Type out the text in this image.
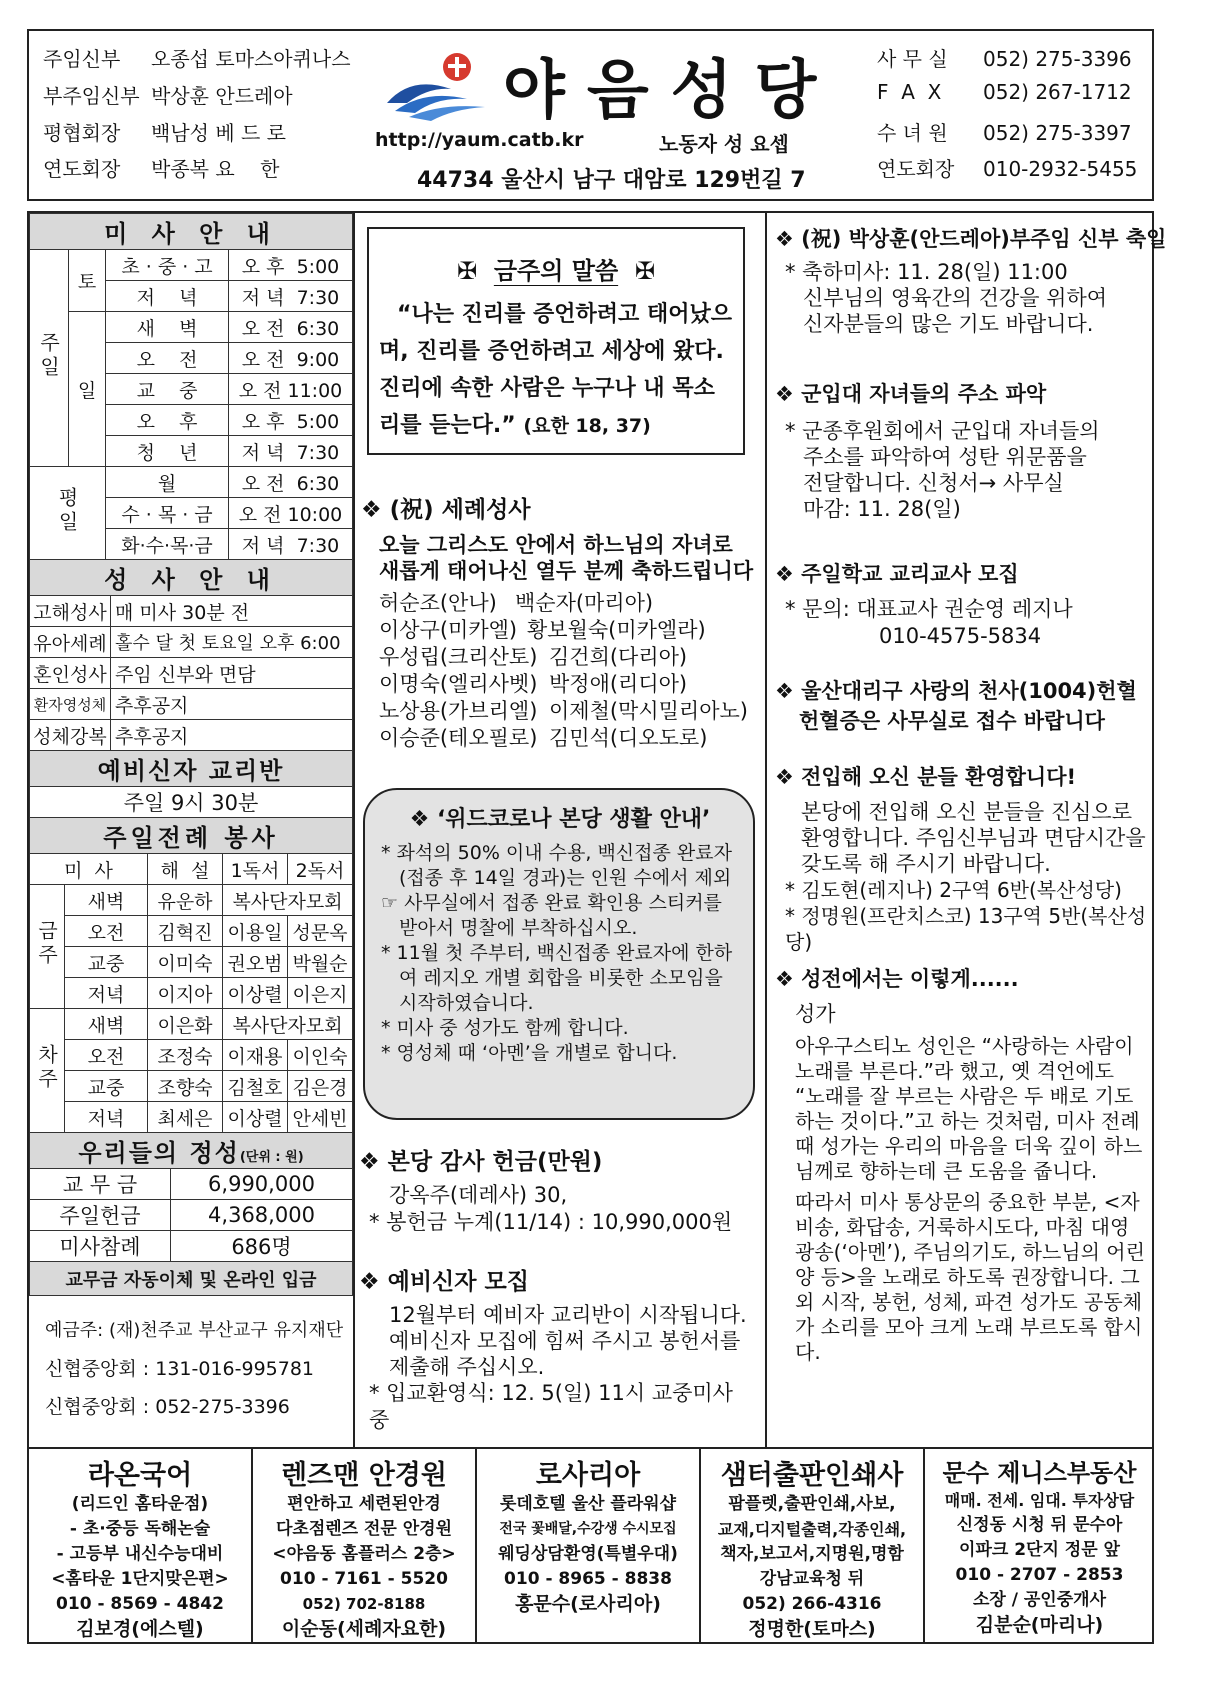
주임신부 오종섭 토마스아퀴나스
부주임신부 박상훈 안드레아
평협회장 백남성 베 드 로
연도회장 박종복 요    한
야음성당
http://yaum.catb.kr	노동자 성 요셉
44734 울산시 남구 대암로 129번길 7
사 무 실 052) 275-3396
F  A  X 052) 267-1712
수 녀 원 052) 275-3397
연도회장 010-2932-5455
미 사 안 내			
주일	토	초 · 중 · 고	오 후  5:00
		저    녁	저 녁  7:30
	일	새    벽	오 전  6:30
		오    전	오 전  9:00
		교    중	오 전 11:00
		오    후	오 후  5:00
		청    년	저 녁  7:30
평일		월	오 전  6:30
		수 · 목 · 금	오 전 10:00
		화·수·목·금	저 녁  7:30
성 사 안 내	
고해성사	매 미사 30분 전
유아세례	홀수 달 첫 토요일 오후 6:00
혼인성사	주임 신부와 면담
환자영성체	추후공지
성체강복	추후공지
예비신자 교리반	
주일 9시 30분	
주일전례 봉사				
미  사		해  설	1독서	2독서
금주	새벽	유운하	복사단자모회	
	오전	김혁진	이용일	성문옥
	교중	이미숙	권오범	박월순
	저녁	이지아	이상렬	이은지
차주	새벽	이은화	복사단자모회	
	오전	조정숙	이재용	이인숙
	교중	조향숙	김철호	김은경
	저녁	최세은	이상렬	안세빈
우리들의 정성(단위 : 원)	
교 무 금	6,990,000
주일헌금	4,368,000
미사참례	686명
교무금 자동이체 및 온라인 입금	
예금주: (재)천주교 부산교구 유지재단
신협중앙회 : 131-016-995781
신협중앙회 : 052-275-3396
✠  금주의 말씀  ✠
“나는 진리를 증언하려고 태어났으며, 진리를 증언하려고 세상에 왔다. 진리에 속한 사람은 누구나 내 목소리를 듣는다.” (요한 18, 37)
❖ (祝) 세례성사
오늘 그리스도 안에서 하느님의 자녀로 새롭게 태어나신 열두 분께 축하드립니다
허순조(안나) 백순자(마리아)
이상구(미카엘) 황보월숙(미카엘라)
우성립(크리산토) 김건희(다리아)
이명숙(엘리사벳) 박정애(리디아)
노상용(가브리엘) 이제철(막시밀리아노)
이승준(테오필로) 김민석(디오도로)
❖ ‘위드코로나 본당 생활 안내’
* 좌석의 50% 이내 수용, 백신접종 완료자(접종 후 14일 경과)는 인원 수에서 제외
☞ 사무실에서 접종 완료 확인용 스티커를 받아서 명찰에 부착하십시오.
* 11월 첫 주부터, 백신접종 완료자에 한하여 레지오 개별 회합을 비롯한 소모임을 시작하였습니다.
* 미사 중 성가도 함께 합니다.
* 영성체 때 ‘아멘’을 개별로 합니다.
❖ 본당 감사 헌금(만원)
강옥주(데레사) 30,
* 봉헌금 누계(11/14) : 10,990,000원
❖ 예비신자 모집
12월부터 예비자 교리반이 시작됩니다. 예비신자 모집에 힘써 주시고 봉헌서를 제출해 주십시오.
* 입교환영식: 12. 5(일) 11시 교중미사 중
❖ (祝) 박상훈(안드레아)부주임 신부 축일
* 축하미사: 11. 28(일) 11:00
신부님의 영육간의 건강을 위하여
신자분들의 많은 기도 바랍니다.
❖ 군입대 자녀들의 주소 파악
* 군종후원회에서 군입대 자녀들의
주소를 파악하여 성탄 위문품을
전달합니다. 신청서→ 사무실
마감: 11. 28(일)
❖ 주일학교 교리교사 모집
* 문의: 대표교사 권순영 레지나
010-4575-5834
❖ 울산대리구 사랑의 천사(1004)헌혈
헌혈증은 사무실로 접수 바랍니다
❖ 전입해 오신 분들 환영합니다!
본당에 전입해 오신 분들을 진심으로 환영합니다. 주임신부님과 면담시간을 갖도록 해 주시기 바랍니다.
* 김도현(레지나) 2구역 6반(복산성당)
* 정명원(프란치스코) 13구역 5반(복산성당)
❖ 성전에서는 이렇게......
성가
아우구스티노 성인은 “사랑하는 사람이 노래를 부른다.”라 했고, 옛 격언에도 “노래를 잘 부르는 사람은 두 배로 기도하는 것이다.”고 하는 것처럼, 미사 전례 때 성가는 우리의 마음을 더욱 깊이 하느님께로 향하는데 큰 도움을 줍니다.
따라서 미사 통상문의 중요한 부분, <자비송, 화답송, 거룩하시도다, 마침 대영광송(‘아멘’), 주님의기도, 하느님의 어린양 등>을 노래로 하도록 권장합니다. 그 외 시작, 봉헌, 성체, 파견 성가도 공동체가 소리를 모아 크게 노래 부르도록 합시다.
라온국어
(리드인 홈타운점)
- 초·중등 독해논술
- 고등부 내신수능대비
<홈타운 1단지맞은편>
010 - 8569 - 4842
김보경(에스텔)
렌즈맨 안경원
편안하고 세련된안경
다초점렌즈 전문 안경원
<야음동 홈플러스 2층>
010 - 7161 - 5520
052) 702-8188
이순동(세례자요한)
로사리아
롯데호텔 울산 플라워샵
전국 꽃배달,수강생 수시모집
웨딩상담환영(특별우대)
010 - 8965 - 8838
홍문수(로사리아)
샘터출판인쇄사
팜플렛,출판인쇄,사보,
교재,디지털출력,각종인쇄,
책자,보고서,지명원,명함
강남교육청 뒤
052) 266-4316
정명한(토마스)
문수 제니스부동산
매매. 전세. 임대. 투자상담
신정동 시청 뒤 문수아
이파크 2단지 정문 앞
010 - 2707 - 2853
소장 / 공인중개사
김분순(마리나)
